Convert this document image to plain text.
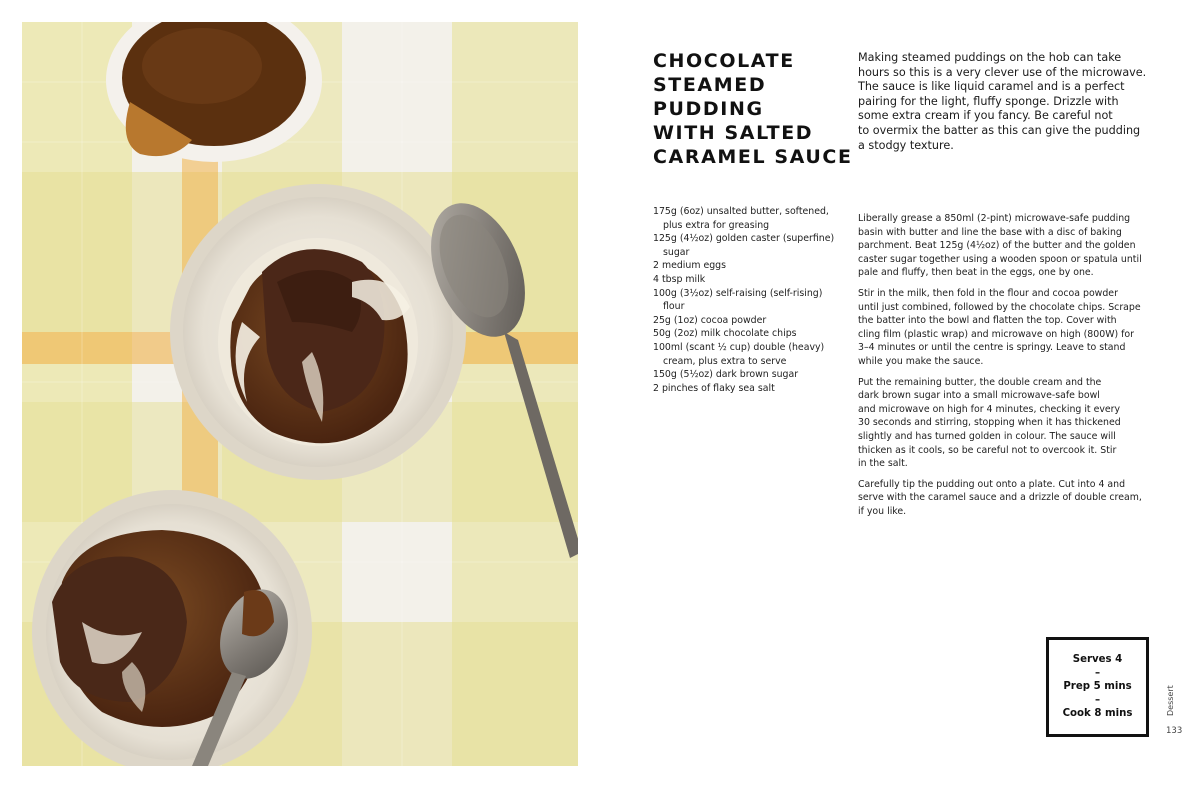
CHOCOLATE
STEAMED
PUDDING
WITH SALTED
CARAMEL SAUCE
Making steamed puddings on the hob can take
hours so this is a very clever use of the microwave.
The sauce is like liquid caramel and is a perfect
pairing for the light, fluffy sponge. Drizzle with
some extra cream if you fancy. Be careful not
to overmix the batter as this can give the pudding
a stodgy texture.
175g (6oz) unsalted butter, softened,
plus extra for greasing
125g (4½oz) golden caster (superfine)
sugar
2 medium eggs
4 tbsp milk
100g (3½oz) self-raising (self-rising)
flour
25g (1oz) cocoa powder
50g (2oz) milk chocolate chips
100ml (scant ½ cup) double (heavy)
cream, plus extra to serve
150g (5½oz) dark brown sugar
2 pinches of flaky sea salt

Liberally grease a 850ml (2-pint) microwave-safe pudding
basin with butter and line the base with a disc of baking
parchment. Beat 125g (4½oz) of the butter and the golden
caster sugar together using a wooden spoon or spatula until
pale and fluffy, then beat in the eggs, one by one.

Stir in the milk, then fold in the flour and cocoa powder
until just combined, followed by the chocolate chips. Scrape
the batter into the bowl and flatten the top. Cover with
cling film (plastic wrap) and microwave on high (800W) for
3–4 minutes or until the centre is springy. Leave to stand
while you make the sauce.

Put the remaining butter, the double cream and the
dark brown sugar into a small microwave-safe bowl
and microwave on high for 4 minutes, checking it every
30 seconds and stirring, stopping when it has thickened
slightly and has turned golden in colour. The sauce will
thicken as it cools, so be careful not to overcook it. Stir
in the salt.

Carefully tip the pudding out onto a plate. Cut into 4 and
serve with the caramel sauce and a drizzle of double cream,
if you like.

Serves 4
–
Prep 5 mins
–
Cook 8 mins	Dessert
133
